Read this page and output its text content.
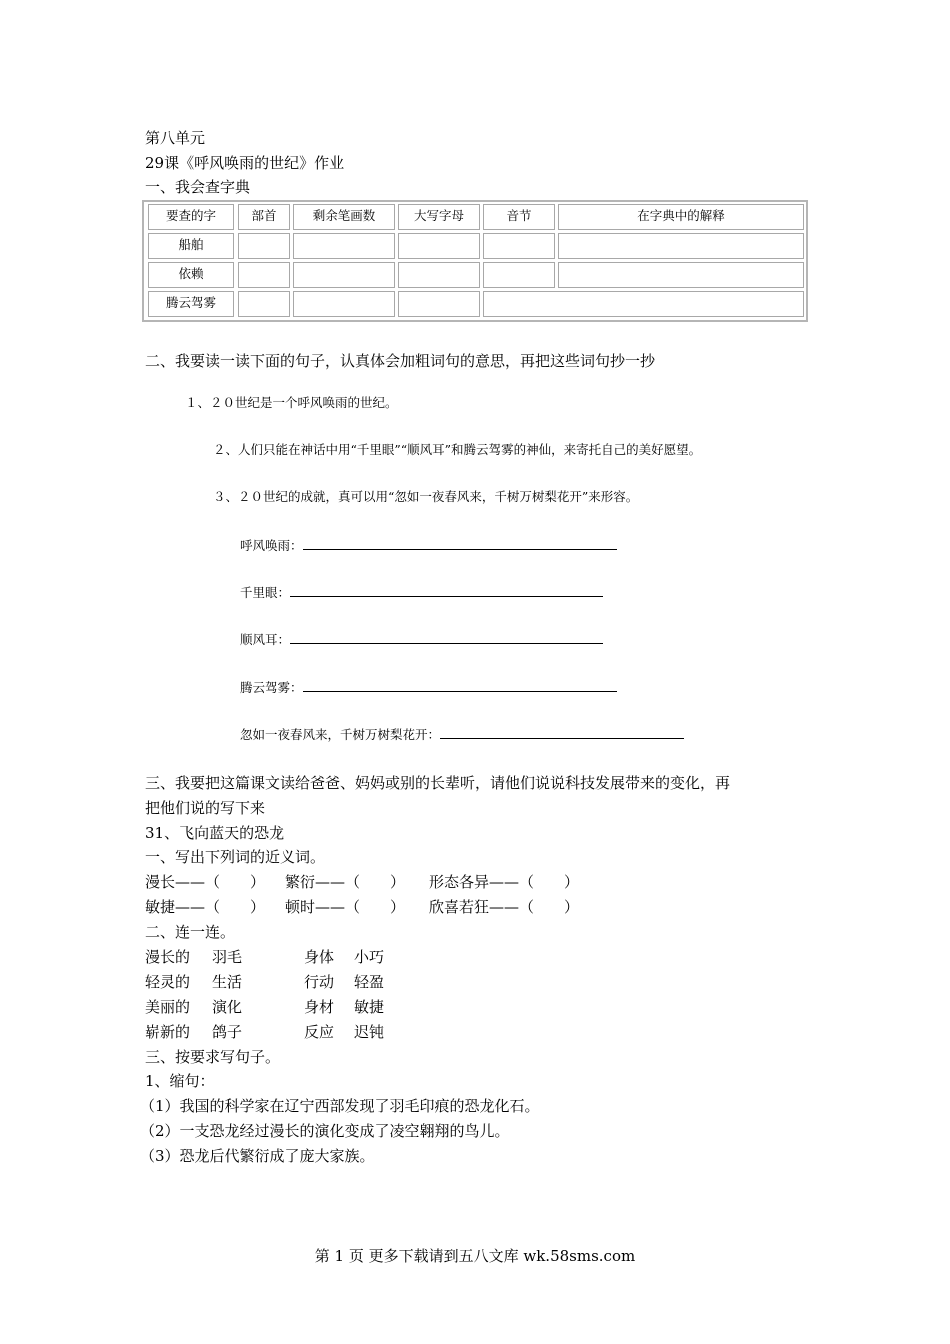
第八单元
29课《呼风唤雨的世纪》作业
一、我会查字典
要查的字	部首	剩余笔画数	大写字母	音节	在字典中的解释
船舶
依赖
腾云驾雾
二、我要读一读下面的句子，认真体会加粗词句的意思，再把这些词句抄一抄
１、２０世纪是一个呼风唤雨的世纪。
２、人们只能在神话中用“千里眼”“顺风耳”和腾云驾雾的神仙，来寄托自己的美好愿望。
３、２０世纪的成就，真可以用“忽如一夜春风来，千树万树梨花开”来形容。
呼风唤雨：
千里眼：
顺风耳：
腾云驾雾：
忽如一夜春风来，千树万树梨花开：
三、我要把这篇课文读给爸爸、妈妈或别的长辈听，请他们说说科技发展带来的变化，再
把他们说的写下来
31、飞向蓝天的恐龙
一、写出下列词的近义词。
漫长——（　　） 繁衍——（　　） 形态各异——（　　）
敏捷——（　　） 顿时——（　　） 欣喜若狂——（　　）
二、连一连。
漫长的 羽毛	身体 小巧
轻灵的 生活	行动 轻盈
美丽的 演化	身材 敏捷
崭新的 鸽子	反应 迟钝
三、按要求写句子。
1、缩句：
（1）我国的科学家在辽宁西部发现了羽毛印痕的恐龙化石。
（2）一支恐龙经过漫长的演化变成了凌空翱翔的鸟儿。
（3）恐龙后代繁衍成了庞大家族。
第 1 页 更多下载请到五八文库 wk.58sms.com
